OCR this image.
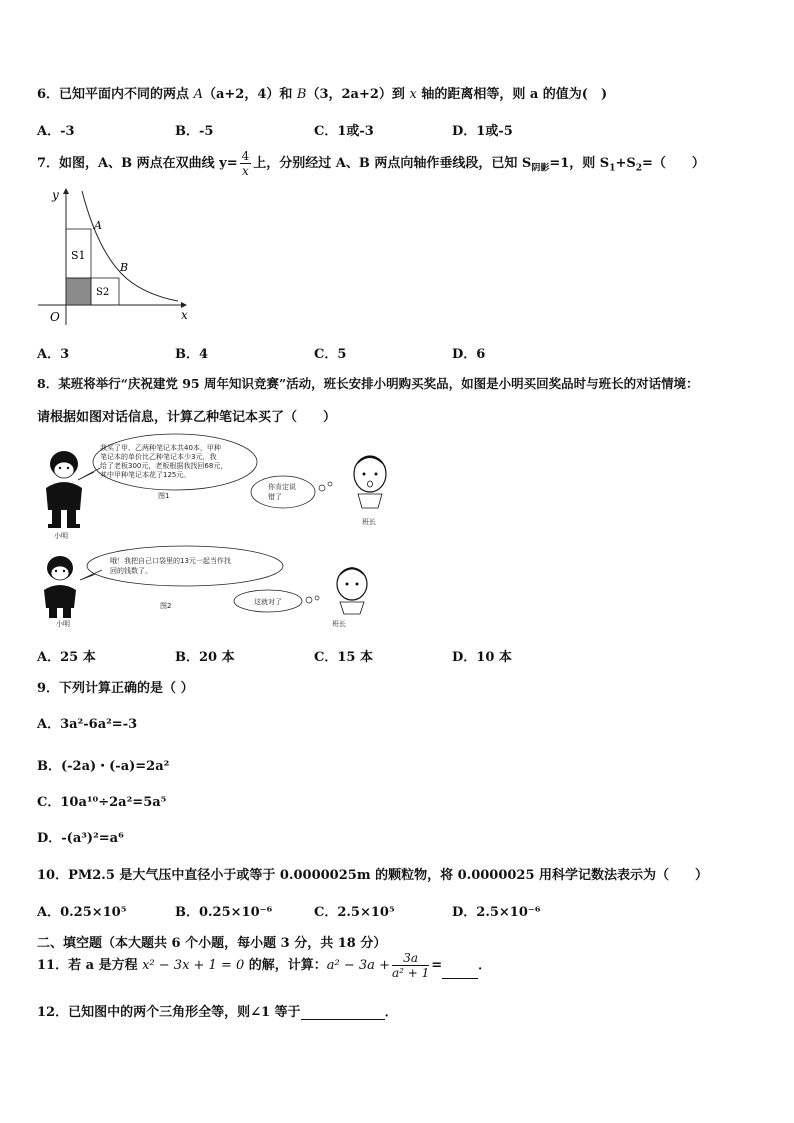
6．已知平面内不同的两点 A（a+2，4）和 B（3，2a+2）到 x 轴的距离相等，则 a 的值为(　)
A．-3	B．-5	C．1或-3	D．1或-5
7．如图，A、B 两点在双曲线 $y= \frac{4}{x}$ 上，分别经过 A、B 两点向轴作垂线段，已知 $S_{阴影}=1$，则 $S_1+S_2=$（　　）
y
x
O
A
B
S1
S2
A．3	B．4	C．5	D．6
8．某班将举行“庆祝建党 95 周年知识竞赛”活动，班长安排小明购买奖品，如图是小明买回奖品时与班长的对话情境：
请根据如图对话信息，计算乙种笔记本买了（　　）
小明
我买了甲、乙两种笔记本共40本，甲种
笔记本的单价比乙种笔记本少3元，我
给了老板300元，老板根据我找回68元，
其中甲种笔记本花了125元。
图1
你肯定说
错了
班长
小明
哦！我把自己口袋里的13元一起当作找
回的钱数了。
图2	这就对了
班长
A．25 本	B．20 本	C．15 本	D．10 本
9．下列计算正确的是（ ）
A．3a²-6a²=-3
B．(-2a)・(-a)=2a²
C．10a¹⁰÷2a²=5a⁵
D．-(a³)²=a⁶
10．PM2.5 是大气压中直径小于或等于 0.0000025m 的颗粒物，将 0.0000025 用科学记数法表示为（　　）
A．0.25×10⁵	B．0.25×10⁻⁶	C．2.5×10⁵	D．2.5×10⁻⁶
二、填空题（本大题共 6 个小题，每小题 3 分，共 18 分）
11．若 a 是方程 x² − 3x + 1 = 0 的解，计算：$a^2 - 3a + \frac{3a}{\text{a² + 1}}$ =	．
12．已知图中的两个三角形全等，则∠1 等于	．
